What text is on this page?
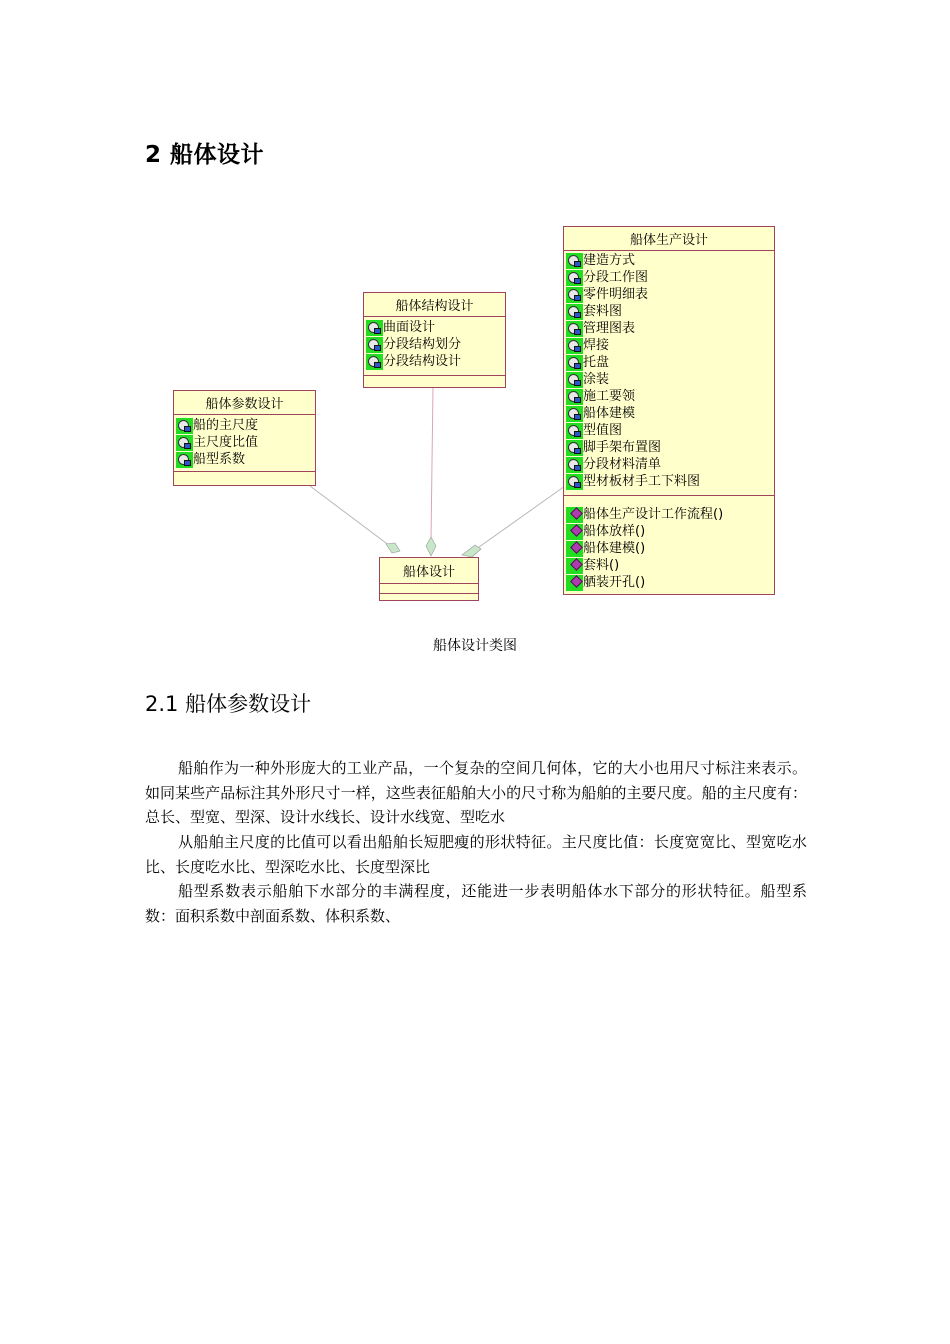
2 船体设计
船体参数设计
船的主尺度
主尺度比值
船型系数
船体结构设计
曲面设计
分段结构划分
分段结构设计
船体生产设计
建造方式
分段工作图
零件明细表
套料图
管理图表
焊接
托盘
涂装
施工要领
船体建模
型值图
脚手架布置图
分段材料清单
型材板材手工下料图
船体生产设计工作流程()
船体放样()
船体建模()
套料()
舾装开孔()
船体设计
船体设计类图
2.1 船体参数设计
船舶作为一种外形庞大的工业产品，一个复杂的空间几何体，它的大小也用尺寸标注来表示。如同某些产品标注其外形尺寸一样，这些表征船舶大小的尺寸称为船舶的主要尺度。船的主尺度有：总长、型宽、型深、设计水线长、设计水线宽、型吃水
从船舶主尺度的比值可以看出船舶长短肥瘦的形状特征。主尺度比值：长度宽宽比、型宽吃水比、长度吃水比、型深吃水比、长度型深比
船型系数表示船舶下水部分的丰满程度，还能进一步表明船体水下部分的形状特征。船型系数：面积系数中剖面系数、体积系数、
